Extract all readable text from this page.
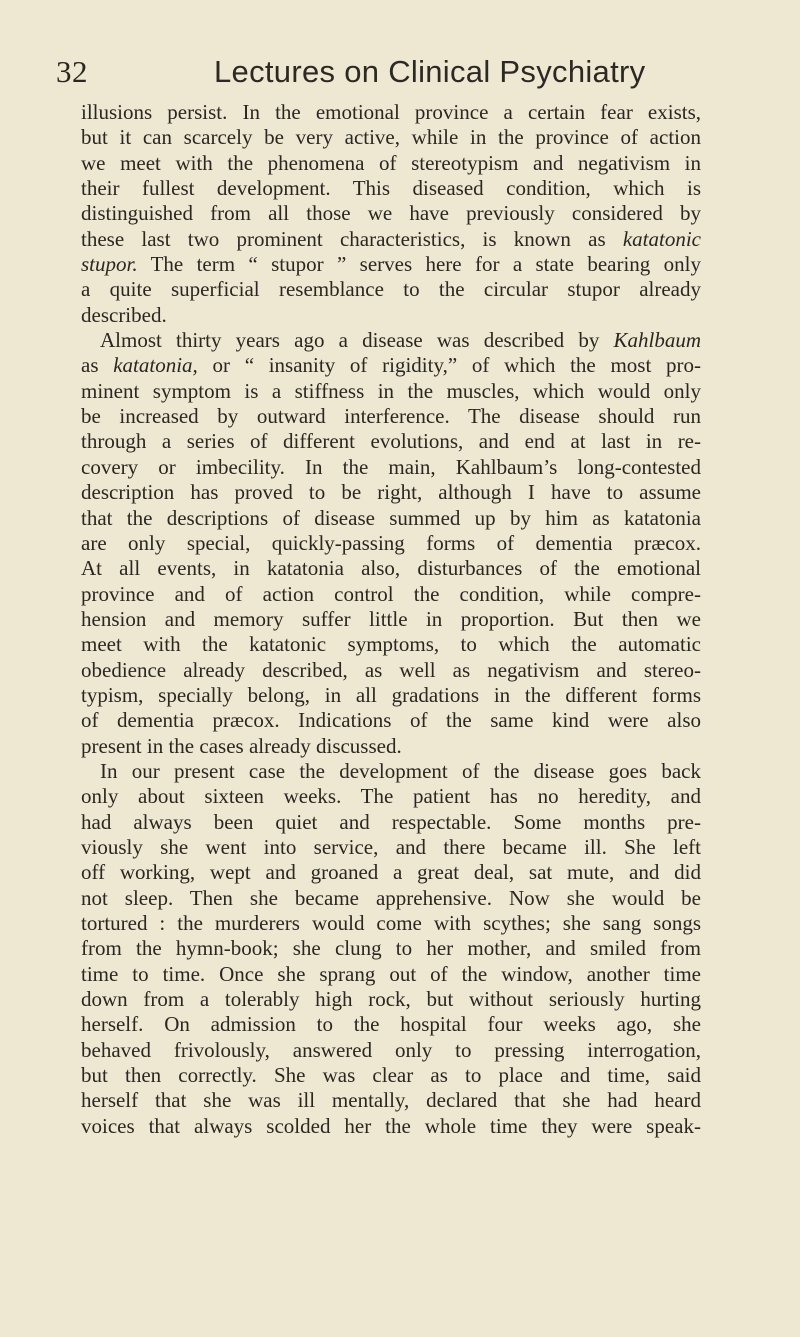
32	Lectures on Clinical Psychiatry
illusions persist. In the emotional province a certain fear exists,
but it can scarcely be very active, while in the province of action
we meet with the phenomena of stereotypism and negativism in
their fullest development. This diseased condition, which is
distinguished from all those we have previously considered by
these last two prominent characteristics, is known as katatonic
stupor. The term “ stupor ” serves here for a state bearing only
a quite superficial resemblance to the circular stupor already
described.
Almost thirty years ago a disease was described by Kahlbaum
as katatonia, or “ insanity of rigidity,” of which the most pro-
minent symptom is a stiffness in the muscles, which would only
be increased by outward interference. The disease should run
through a series of different evolutions, and end at last in re-
covery or imbecility. In the main, Kahlbaum’s long-contested
description has proved to be right, although I have to assume
that the descriptions of disease summed up by him as katatonia
are only special, quickly-passing forms of dementia præcox.
At all events, in katatonia also, disturbances of the emotional
province and of action control the condition, while compre-
hension and memory suffer little in proportion. But then we
meet with the katatonic symptoms, to which the automatic
obedience already described, as well as negativism and stereo-
typism, specially belong, in all gradations in the different forms
of dementia præcox. Indications of the same kind were also
present in the cases already discussed.
In our present case the development of the disease goes back
only about sixteen weeks. The patient has no heredity, and
had always been quiet and respectable. Some months pre-
viously she went into service, and there became ill. She left
off working, wept and groaned a great deal, sat mute, and did
not sleep. Then she became apprehensive. Now she would be
tortured : the murderers would come with scythes; she sang songs
from the hymn-book; she clung to her mother, and smiled from
time to time. Once she sprang out of the window, another time
down from a tolerably high rock, but without seriously hurting
herself. On admission to the hospital four weeks ago, she
behaved frivolously, answered only to pressing interrogation,
but then correctly. She was clear as to place and time, said
herself that she was ill mentally, declared that she had heard
voices that always scolded her the whole time they were speak-
